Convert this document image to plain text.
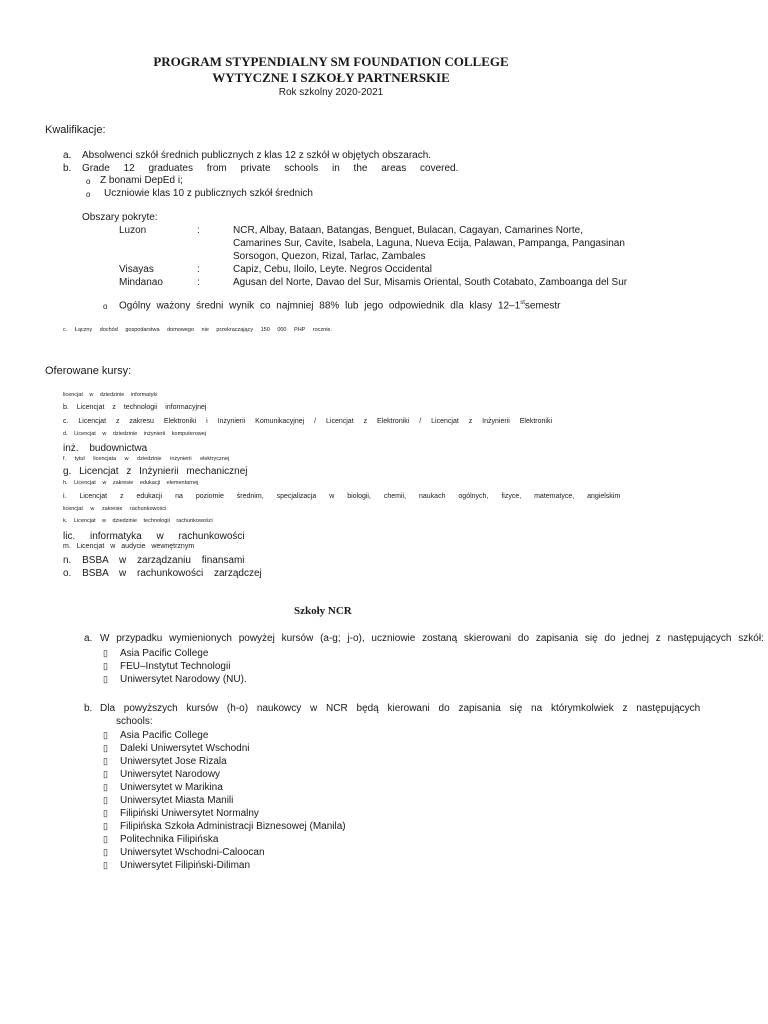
PROGRAM STYPENDIALNY SM FOUNDATION COLLEGE
WYTYCZNE I SZKOŁY PARTNERSKIE
Rok szkolny 2020-2021
Kwalifikacje:
a. Absolwenci szkół średnich publicznych z klas 12 z szkół w objętych obszarach.
b. Grade 12 graduates from private schools in the areas covered.
o Z bonami DepEd i;
o Uczniowie klas 10 z publicznych szkół średnich
Obszary pokryte:
Luzon	:	NCR, Albay, Bataan, Batangas, Benguet, Bulacan, Cagayan, Camarines Norte,
Camarines Sur, Cavite, Isabela, Laguna, Nueva Ecija, Palawan, Pampanga, Pangasinan
Sorsogon, Quezon, Rizal, Tarlac, Zambales
Visayas	:	Capiz, Cebu, Iloilo, Leyte. Negros Occidental
Mindanao	:	Agusan del Norte, Davao del Sur, Misamis Oriental, South Cotabato, Zamboanga del Sur
o Ogólny ważony średni wynik co najmniej 88% lub jego odpowiednik dla klasy 12–1stsemestr
c. Łączny dochód gospodarstwa domowego nie przekraczający 150 000 PHP rocznie.
Oferowane kursy:
licencjat w dziedzinie informatyki
b. Licencjat z technologii informacyjnej
c. Licencjat z zakresu Elektroniki i Inżynierii Komunikacyjnej / Licencjat z Elektroniki / Licencjat z Inżynierii Elektroniki
d. Licencjat w dziedzinie inżynierii komputerowej
inż. budownictwa
f. tytuł licencjata w dziedzinie inżynierii elektrycznej
g. Licencjat z Inżynierii mechanicznej
h. Licencjat w zakresie edukacji elementarnej
i. Licencjat z edukacji na poziomie średnim, specjalizacja w biologii, chemii, naukach ogólnych, fizyce, matematyce, angielskim
licencjat w zakresie rachunkowości
k. Licencjat w dziedzinie technologii rachunkowości
lic. informatyka w rachunkowości
m. Licencjat w audycie wewnętrznym
n. BSBA w zarządzaniu finansami
o. BSBA w rachunkowości zarządczej
Szkoły NCR
a. W przypadku wymienionych powyżej kursów (a-g; j-o), uczniowie zostaną skierowani do zapisania się do jednej z następujących szkół:
▯ Asia Pacific College
▯ FEU–Instytut Technologii
▯ Uniwersytet Narodowy (NU).
b. Dla powyższych kursów (h-o) naukowcy w NCR będą kierowani do zapisania się na którymkolwiek z następujących
schools:
▯ Asia Pacific College
▯ Daleki Uniwersytet Wschodni
▯ Uniwersytet Jose Rizala
▯ Uniwersytet Narodowy
▯ Uniwersytet w Marikina
▯ Uniwersytet Miasta Manili
▯ Filipiński Uniwersytet Normalny
▯ Filipińska Szkoła Administracji Biznesowej (Manila)
▯ Politechnika Filipińska
▯ Uniwersytet Wschodni-Caloocan
▯ Uniwersytet Filipiński-Diliman
